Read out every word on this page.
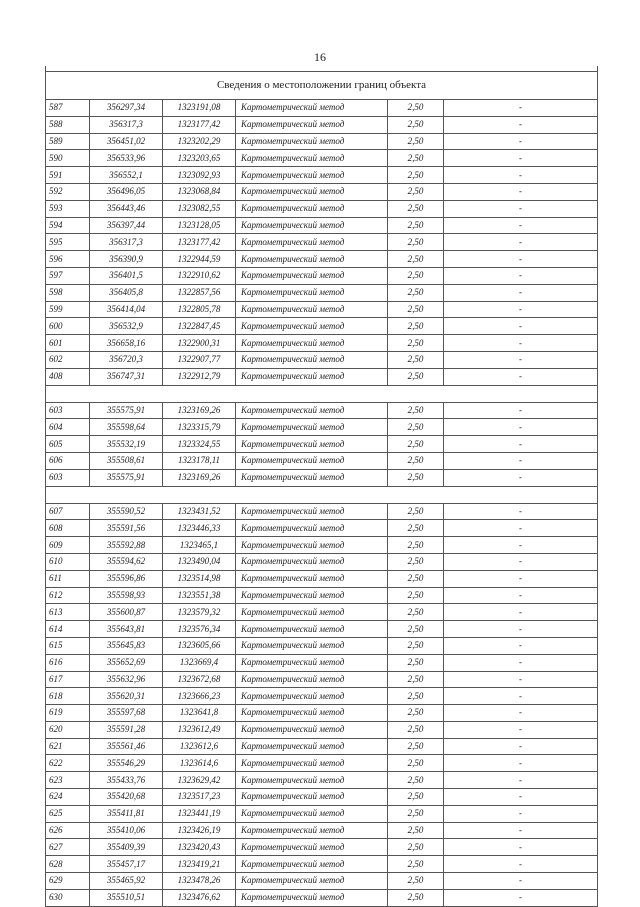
16

Сведения о местоположении границ объекта					
587	356297,34	1323191,08	Картометрический метод	2,50	-
588	356317,3	1323177,42	Картометрический метод	2,50	-
589	356451,02	1323202,29	Картометрический метод	2,50	-
590	356533,96	1323203,65	Картометрический метод	2,50	-
591	356552,1	1323092,93	Картометрический метод	2,50	-
592	356496,05	1323068,84	Картометрический метод	2,50	-
593	356443,46	1323082,55	Картометрический метод	2,50	-
594	356397,44	1323128,05	Картометрический метод	2,50	-
595	356317,3	1323177,42	Картометрический метод	2,50	-
596	356390,9	1322944,59	Картометрический метод	2,50	-
597	356401,5	1322910,62	Картометрический метод	2,50	-
598	356405,8	1322857,56	Картометрический метод	2,50	-
599	356414,04	1322805,78	Картометрический метод	2,50	-
600	356532,9	1322847,45	Картометрический метод	2,50	-
601	356658,16	1322900,31	Картометрический метод	2,50	-
602	356720,3	1322907,77	Картометрический метод	2,50	-
408	356747,31	1322912,79	Картометрический метод	2,50	-

603	355575,91	1323169,26	Картометрический метод	2,50	-
604	355598,64	1323315,79	Картометрический метод	2,50	-
605	355532,19	1323324,55	Картометрический метод	2,50	-
606	355508,61	1323178,11	Картометрический метод	2,50	-
603	355575,91	1323169,26	Картометрический метод	2,50	-

607	355590,52	1323431,52	Картометрический метод	2,50	-
608	355591,56	1323446,33	Картометрический метод	2,50	-
609	355592,88	1323465,1	Картометрический метод	2,50	-
610	355594,62	1323490,04	Картометрический метод	2,50	-
611	355596,86	1323514,98	Картометрический метод	2,50	-
612	355598,93	1323551,38	Картометрический метод	2,50	-
613	355600,87	1323579,32	Картометрический метод	2,50	-
614	355643,81	1323576,34	Картометрический метод	2,50	-
615	355645,83	1323605,66	Картометрический метод	2,50	-
616	355652,69	1323669,4	Картометрический метод	2,50	-
617	355632,96	1323672,68	Картометрический метод	2,50	-
618	355620,31	1323666,23	Картометрический метод	2,50	-
619	355597,68	1323641,8	Картометрический метод	2,50	-
620	355591,28	1323612,49	Картометрический метод	2,50	-
621	355561,46	1323612,6	Картометрический метод	2,50	-
622	355546,29	1323614,6	Картометрический метод	2,50	-
623	355433,76	1323629,42	Картометрический метод	2,50	-
624	355420,68	1323517,23	Картометрический метод	2,50	-
625	355411,81	1323441,19	Картометрический метод	2,50	-
626	355410,06	1323426,19	Картометрический метод	2,50	-
627	355409,39	1323420,43	Картометрический метод	2,50	-
628	355457,17	1323419,21	Картометрический метод	2,50	-
629	355465,92	1323478,26	Картометрический метод	2,50	-
630	355510,51	1323476,62	Картометрический метод	2,50	-
